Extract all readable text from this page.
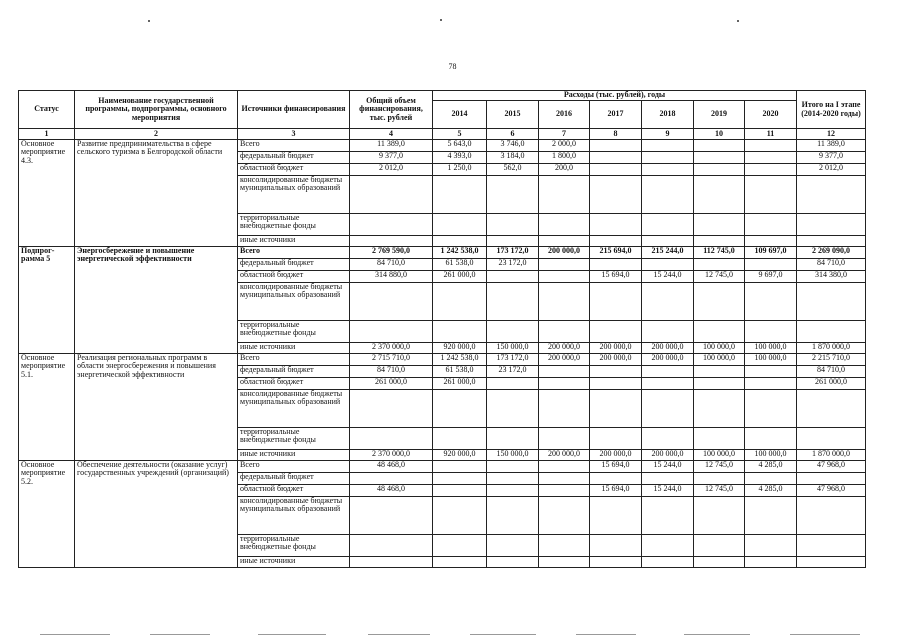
78
Статус	Наименование государственной программы, подпрограммы, основного мероприятия	Источники финансирования	Общий объем финансирования, тыс. рублей	Расходы (тыс. рублей), годы							Итого на I этапе (2014-2020 годы)
				2014	2015	2016	2017	2018	2019	2020	
1	2	3	4	5	6	7	8	9	10	11	12
Основное мероприятие 4.3.	Развитие предпринимательства в сфере сельского туризма в Белгородской области	Всего	11 389,0	5 643,0	3 746,0	2 000,0					11 389,0
		федеральный бюджет	9 377,0	4 393,0	3 184,0	1 800,0					9 377,0
		областной бюджет	2 012,0	1 250,0	562,0	200,0					2 012,0
		консолидированные бюджеты муниципальных образований									
		территориальные внебюджетные фонды									
		иные источники									
Подпрог-рамма 5	Энергосбережение и повышение энергетической эффективности	Всего	2 769 590,0	1 242 538,0	173 172,0	200 000,0	215 694,0	215 244,0	112 745,0	109 697,0	2 269 090,0
		федеральный бюджет	84 710,0	61 538,0	23 172,0						84 710,0
		областной бюджет	314 880,0	261 000,0			15 694,0	15 244,0	12 745,0	9 697,0	314 380,0
		консолидированные бюджеты муниципальных образований									
		территориальные внебюджетные фонды									
		иные источники	2 370 000,0	920 000,0	150 000,0	200 000,0	200 000,0	200 000,0	100 000,0	100 000,0	1 870 000,0
Основное мероприятие 5.1.	Реализация региональных программ в области энергосбережения и повышения энергетической эффективности	Всего	2 715 710,0	1 242 538,0	173 172,0	200 000,0	200 000,0	200 000,0	100 000,0	100 000,0	2 215 710,0
		федеральный бюджет	84 710,0	61 538,0	23 172,0						84 710,0
		областной бюджет	261 000,0	261 000,0							261 000,0
		консолидированные бюджеты муниципальных образований									
		территориальные внебюджетные фонды									
		иные источники	2 370 000,0	920 000,0	150 000,0	200 000,0	200 000,0	200 000,0	100 000,0	100 000,0	1 870 000,0
Основное мероприятие 5.2.	Обеспечение деятельности (оказание услуг) государственных учреждений (организаций)	Всего	48 468,0				15 694,0	15 244,0	12 745,0	4 285,0	47 968,0
		федеральный бюджет									
		областной бюджет	48 468,0				15 694,0	15 244,0	12 745,0	4 285,0	47 968,0
		консолидированные бюджеты муниципальных образований									
		территориальные внебюджетные фонды									
		иные источники									
